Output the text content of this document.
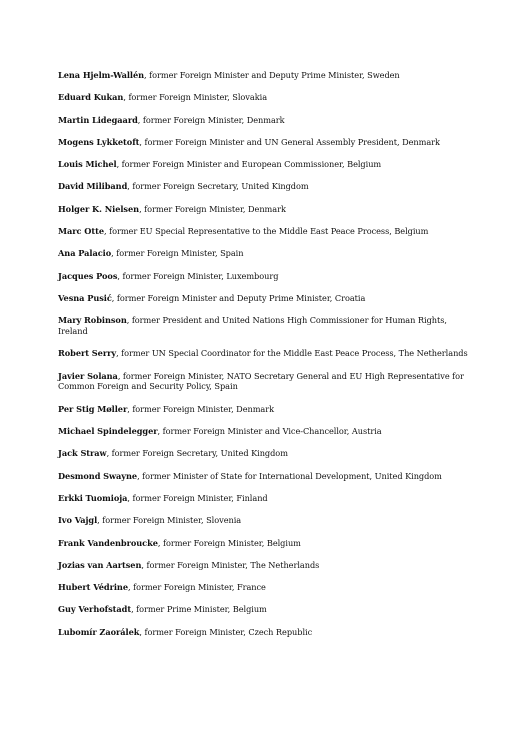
Lena Hjelm-Wallén, former Foreign Minister and Deputy Prime Minister, Sweden
Eduard Kukan, former Foreign Minister, Slovakia
Martin Lidegaard, former Foreign Minister, Denmark
Mogens Lykketoft, former Foreign Minister and UN General Assembly President, Denmark
Louis Michel, former Foreign Minister and European Commissioner, Belgium
David Miliband, former Foreign Secretary, United Kingdom
Holger K. Nielsen, former Foreign Minister, Denmark
Marc Otte, former EU Special Representative to the Middle East Peace Process, Belgium
Ana Palacio, former Foreign Minister, Spain
Jacques Poos, former Foreign Minister, Luxembourg
Vesna Pusić, former Foreign Minister and Deputy Prime Minister, Croatia
Mary Robinson, former President and United Nations High Commissioner for Human Rights, Ireland
Robert Serry, former UN Special Coordinator for the Middle East Peace Process, The Netherlands
Javier Solana, former Foreign Minister, NATO Secretary General and EU High Representative for Common Foreign and Security Policy, Spain
Per Stig Møller, former Foreign Minister, Denmark
Michael Spindelegger, former Foreign Minister and Vice-Chancellor, Austria
Jack Straw, former Foreign Secretary, United Kingdom
Desmond Swayne, former Minister of State for International Development, United Kingdom
Erkki Tuomioja, former Foreign Minister, Finland
Ivo Vajgl, former Foreign Minister, Slovenia
Frank Vandenbroucke, former Foreign Minister, Belgium
Jozias van Aartsen, former Foreign Minister, The Netherlands
Hubert Védrine, former Foreign Minister, France
Guy Verhofstadt, former Prime Minister, Belgium
Lubomír Zaorálek, former Foreign Minister, Czech Republic
